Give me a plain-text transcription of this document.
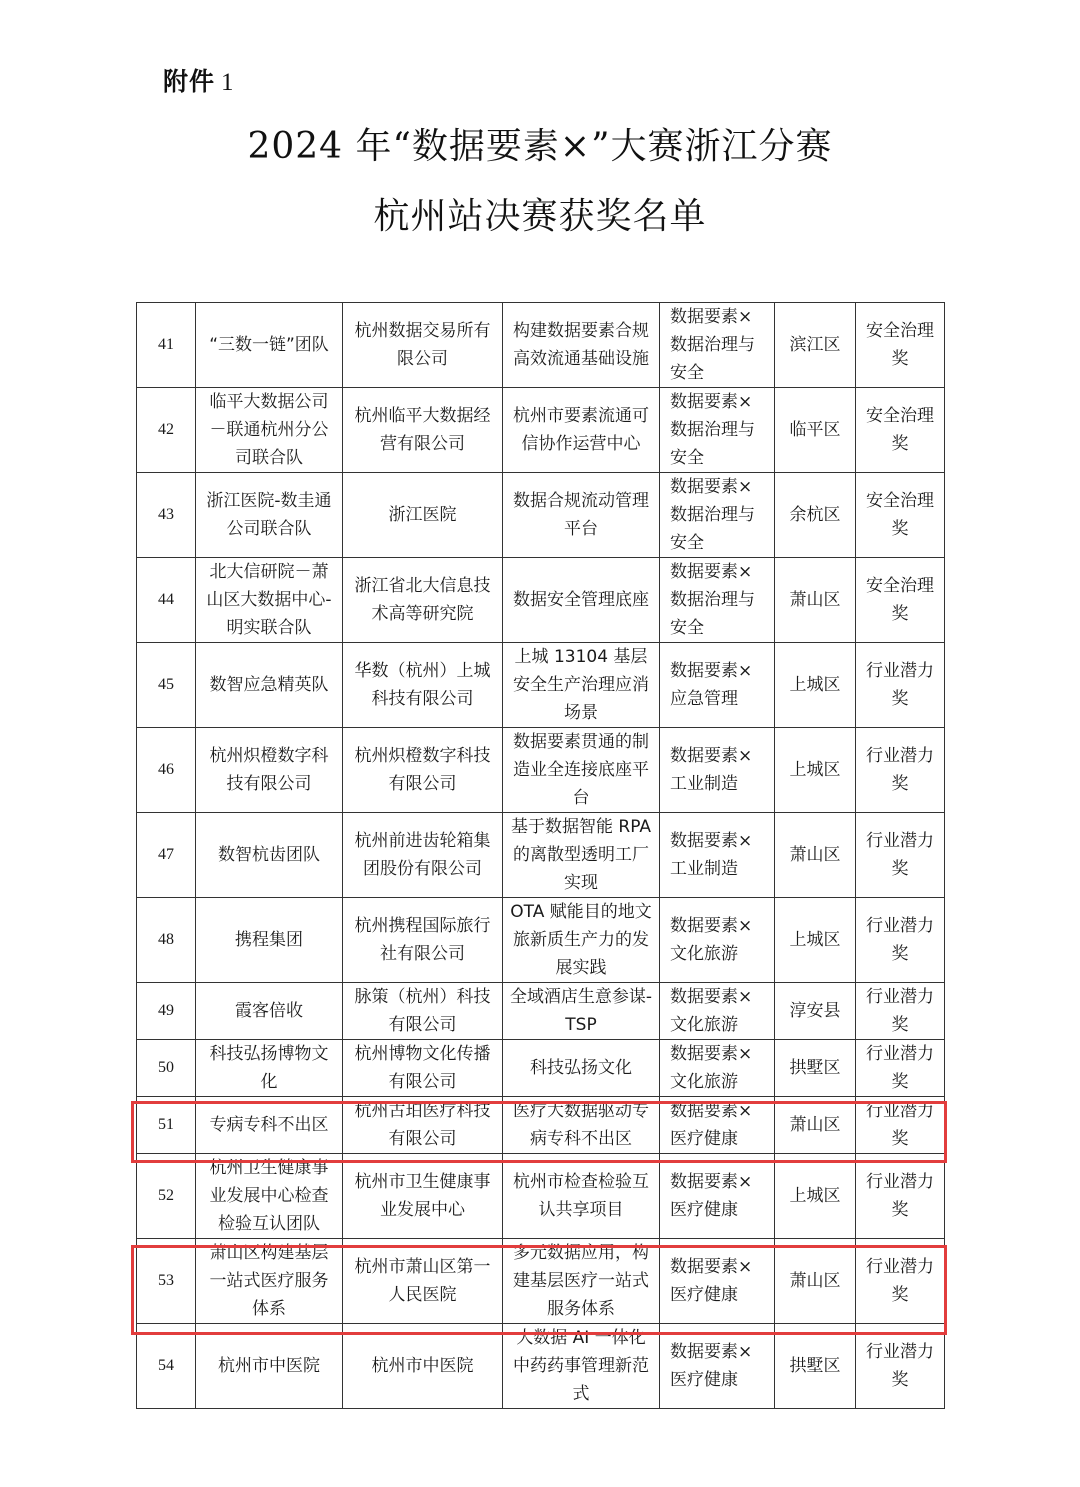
附件 1
2024 年“数据要素×”大赛浙江分赛
杭州站决赛获奖名单
41	“三数一链”团队	杭州数据交易所有限公司	构建数据要素合规高效流通基础设施	数据要素×数据治理与安全	滨江区	安全治理奖
42	临平大数据公司－联通杭州分公司联合队	杭州临平大数据经营有限公司	杭州市要素流通可信协作运营中心	数据要素×数据治理与安全	临平区	安全治理奖
43	浙江医院-数圭通公司联合队	浙江医院	数据合规流动管理平台	数据要素×数据治理与安全	余杭区	安全治理奖
44	北大信研院－萧山区大数据中心-明实联合队	浙江省北大信息技术高等研究院	数据安全管理底座	数据要素×数据治理与安全	萧山区	安全治理奖
45	数智应急精英队	华数（杭州）上城科技有限公司	上城 13104 基层安全生产治理应消场景	数据要素×应急管理	上城区	行业潜力奖
46	杭州炽橙数字科技有限公司	杭州炽橙数字科技有限公司	数据要素贯通的制造业全连接底座平台	数据要素×工业制造	上城区	行业潜力奖
47	数智杭齿团队	杭州前进齿轮箱集团股份有限公司	基于数据智能 RPA 的离散型透明工厂实现	数据要素×工业制造	萧山区	行业潜力奖
48	携程集团	杭州携程国际旅行社有限公司	OTA 赋能目的地文旅新质生产力的发展实践	数据要素×文化旅游	上城区	行业潜力奖
49	霞客倍收	脉策（杭州）科技有限公司	全域酒店生意参谋-TSP	数据要素×文化旅游	淳安县	行业潜力奖
50	科技弘扬博物文化	杭州博物文化传播有限公司	科技弘扬文化	数据要素×文化旅游	拱墅区	行业潜力奖
51	专病专科不出区	杭州古珀医疗科技有限公司	医疗大数据驱动专病专科不出区	数据要素×医疗健康	萧山区	行业潜力奖
52	杭州卫生健康事业发展中心检查检验互认团队	杭州市卫生健康事业发展中心	杭州市检查检验互认共享项目	数据要素×医疗健康	上城区	行业潜力奖
53	萧山区构建基层一站式医疗服务体系	杭州市萧山区第一人民医院	多元数据应用，构建基层医疗一站式服务体系	数据要素×医疗健康	萧山区	行业潜力奖
54	杭州市中医院	杭州市中医院	大数据 AI 一体化中药药事管理新范式	数据要素×医疗健康	拱墅区	行业潜力奖
